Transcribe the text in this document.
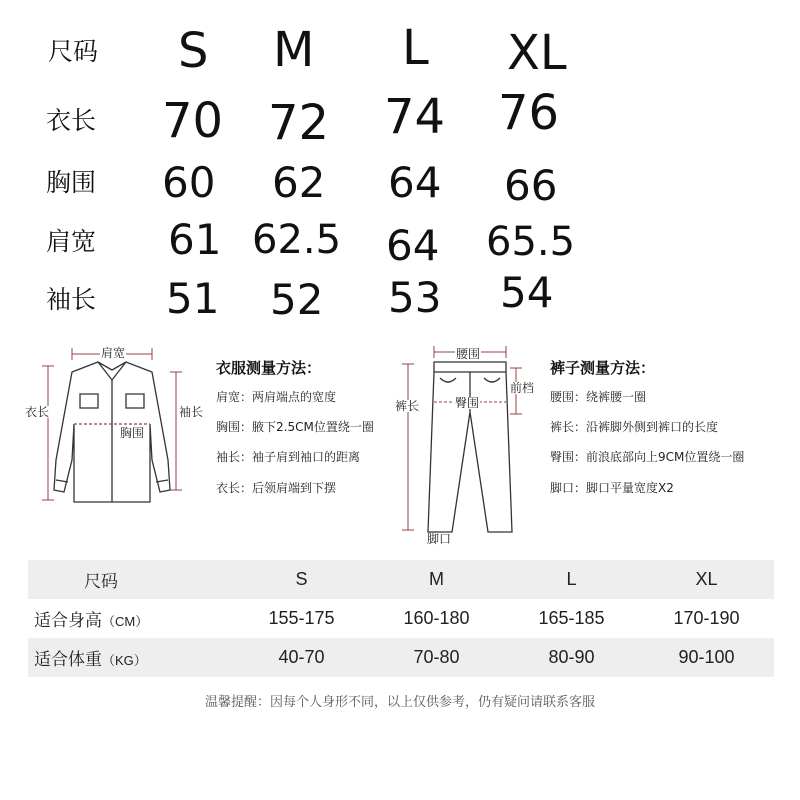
尺码 S M L XL
衣长 70 72 74 76
胸围 60 62 64 66
肩宽 61 62.5 64 65.5
袖长 51 52 53 54
肩宽
衣长	袖长
胸围
衣服测量方法：
肩宽：两肩端点的宽度
胸围：腋下2.5CM位置绕一圈
袖长：袖子肩到袖口的距离
衣长：后领肩端到下摆
腰围
前档
裤长	臀围
脚口
裤子测量方法：
腰围：绕裤腰一圈
裤长：沿裤脚外侧到裤口的长度
臀围：前浪底部向上9CM位置绕一圈
脚口：脚口平量宽度X2
尺码	S	M	L	XL
适合身高（CM）	155-175	160-180	165-185	170-190
适合体重（KG）	40-70	70-80	80-90	90-100
温馨提醒：因每个人身形不同，以上仅供参考，仍有疑问请联系客服
